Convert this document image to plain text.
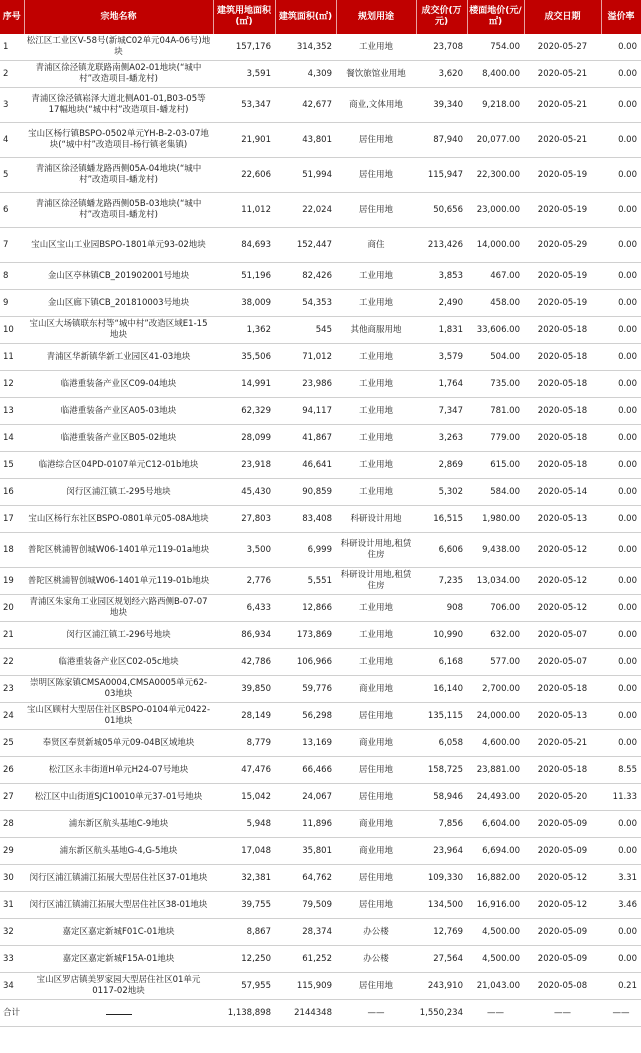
序号	宗地名称	建筑用地面积(㎡)	建筑面积(㎡)	规划用途	成交价(万元)	楼面地价(元/㎡)	成交日期	溢价率
1	松江区工业区V-58号(新城C02单元04A-06号)地块	157,176	314,352	工业用地	23,708	754.00	2020-05-27	0.00
2	青浦区徐泾镇龙联路南侧A02-01地块(“城中村”改造项目-蟠龙村)	3,591	4,309	餐饮旅馆业用地	3,620	8,400.00	2020-05-21	0.00
3	青浦区徐泾镇崧泽大道北侧A01-01,B03-05等17幅地块(“城中村”改造项目-蟠龙村)	53,347	42,677	商业,文体用地	39,340	9,218.00	2020-05-21	0.00
4	宝山区杨行镇BSPO-0502单元YH-B-2-03-07地块(“城中村”改造项目-杨行镇老集镇)	21,901	43,801	居住用地	87,940	20,077.00	2020-05-21	0.00
5	青浦区徐泾镇蟠龙路西侧05A-04地块(“城中村”改造项目-蟠龙村)	22,606	51,994	居住用地	115,947	22,300.00	2020-05-19	0.00
6	青浦区徐泾镇蟠龙路西侧05B-03地块(“城中村”改造项目-蟠龙村)	11,012	22,024	居住用地	50,656	23,000.00	2020-05-19	0.00
7	宝山区宝山工业园BSPO-1801单元93-02地块	84,693	152,447	商住	213,426	14,000.00	2020-05-29	0.00
8	金山区亭林镇CB_201902001号地块	51,196	82,426	工业用地	3,853	467.00	2020-05-19	0.00
9	金山区廊下镇CB_201810003号地块	38,009	54,353	工业用地	2,490	458.00	2020-05-19	0.00
10	宝山区大场镇联东村等“城中村”改造区域E1-15地块	1,362	545	其他商服用地	1,831	33,606.00	2020-05-18	0.00
11	青浦区华新镇华新工业园区41-03地块	35,506	71,012	工业用地	3,579	504.00	2020-05-18	0.00
12	临港重装备产业区C09-04地块	14,991	23,986	工业用地	1,764	735.00	2020-05-18	0.00
13	临港重装备产业区A05-03地块	62,329	94,117	工业用地	7,347	781.00	2020-05-18	0.00
14	临港重装备产业区B05-02地块	28,099	41,867	工业用地	3,263	779.00	2020-05-18	0.00
15	临港综合区04PD-0107单元C12-01b地块	23,918	46,641	工业用地	2,869	615.00	2020-05-18	0.00
16	闵行区浦江镇工-295号地块	45,430	90,859	工业用地	5,302	584.00	2020-05-14	0.00
17	宝山区杨行东社区BSPO-0801单元05-08A地块	27,803	83,408	科研设计用地	16,515	1,980.00	2020-05-13	0.00
18	普陀区桃浦智创城W06-1401单元119-01a地块	3,500	6,999	科研设计用地,租赁住房	6,606	9,438.00	2020-05-12	0.00
19	普陀区桃浦智创城W06-1401单元119-01b地块	2,776	5,551	科研设计用地,租赁住房	7,235	13,034.00	2020-05-12	0.00
20	青浦区朱家角工业园区规划经六路西侧B-07-07地块	6,433	12,866	工业用地	908	706.00	2020-05-12	0.00
21	闵行区浦江镇工-296号地块	86,934	173,869	工业用地	10,990	632.00	2020-05-07	0.00
22	临港重装备产业区C02-05c地块	42,786	106,966	工业用地	6,168	577.00	2020-05-07	0.00
23	崇明区陈家镇CMSA0004,CMSA0005单元62-03地块	39,850	59,776	商业用地	16,140	2,700.00	2020-05-18	0.00
24	宝山区顾村大型居住社区BSPO-0104单元0422-01地块	28,149	56,298	居住用地	135,115	24,000.00	2020-05-13	0.00
25	奉贤区奉贤新城05单元09-04B区域地块	8,779	13,169	商业用地	6,058	4,600.00	2020-05-21	0.00
26	松江区永丰街道H单元H24-07号地块	47,476	66,466	居住用地	158,725	23,881.00	2020-05-18	8.55
27	松江区中山街道SJC10010单元37-01号地块	15,042	24,067	居住用地	58,946	24,493.00	2020-05-20	11.33
28	浦东新区航头基地C-9地块	5,948	11,896	商业用地	7,856	6,604.00	2020-05-09	0.00
29	浦东新区航头基地G-4,G-5地块	17,048	35,801	商业用地	23,964	6,694.00	2020-05-09	0.00
30	闵行区浦江镇浦江拓展大型居住社区37-01地块	32,381	64,762	居住用地	109,330	16,882.00	2020-05-12	3.31
31	闵行区浦江镇浦江拓展大型居住社区38-01地块	39,755	79,509	居住用地	134,500	16,916.00	2020-05-12	3.46
32	嘉定区嘉定新城F01C-01地块	8,867	28,374	办公楼	12,769	4,500.00	2020-05-09	0.00
33	嘉定区嘉定新城F15A-01地块	12,250	61,252	办公楼	27,564	4,500.00	2020-05-09	0.00
34	宝山区罗店镇美罗家园大型居住社区01单元0117-02地块	57,955	115,909	居住用地	243,910	21,043.00	2020-05-08	0.21
合计		1,138,898	2144348	——	1,550,234	——	——	——
